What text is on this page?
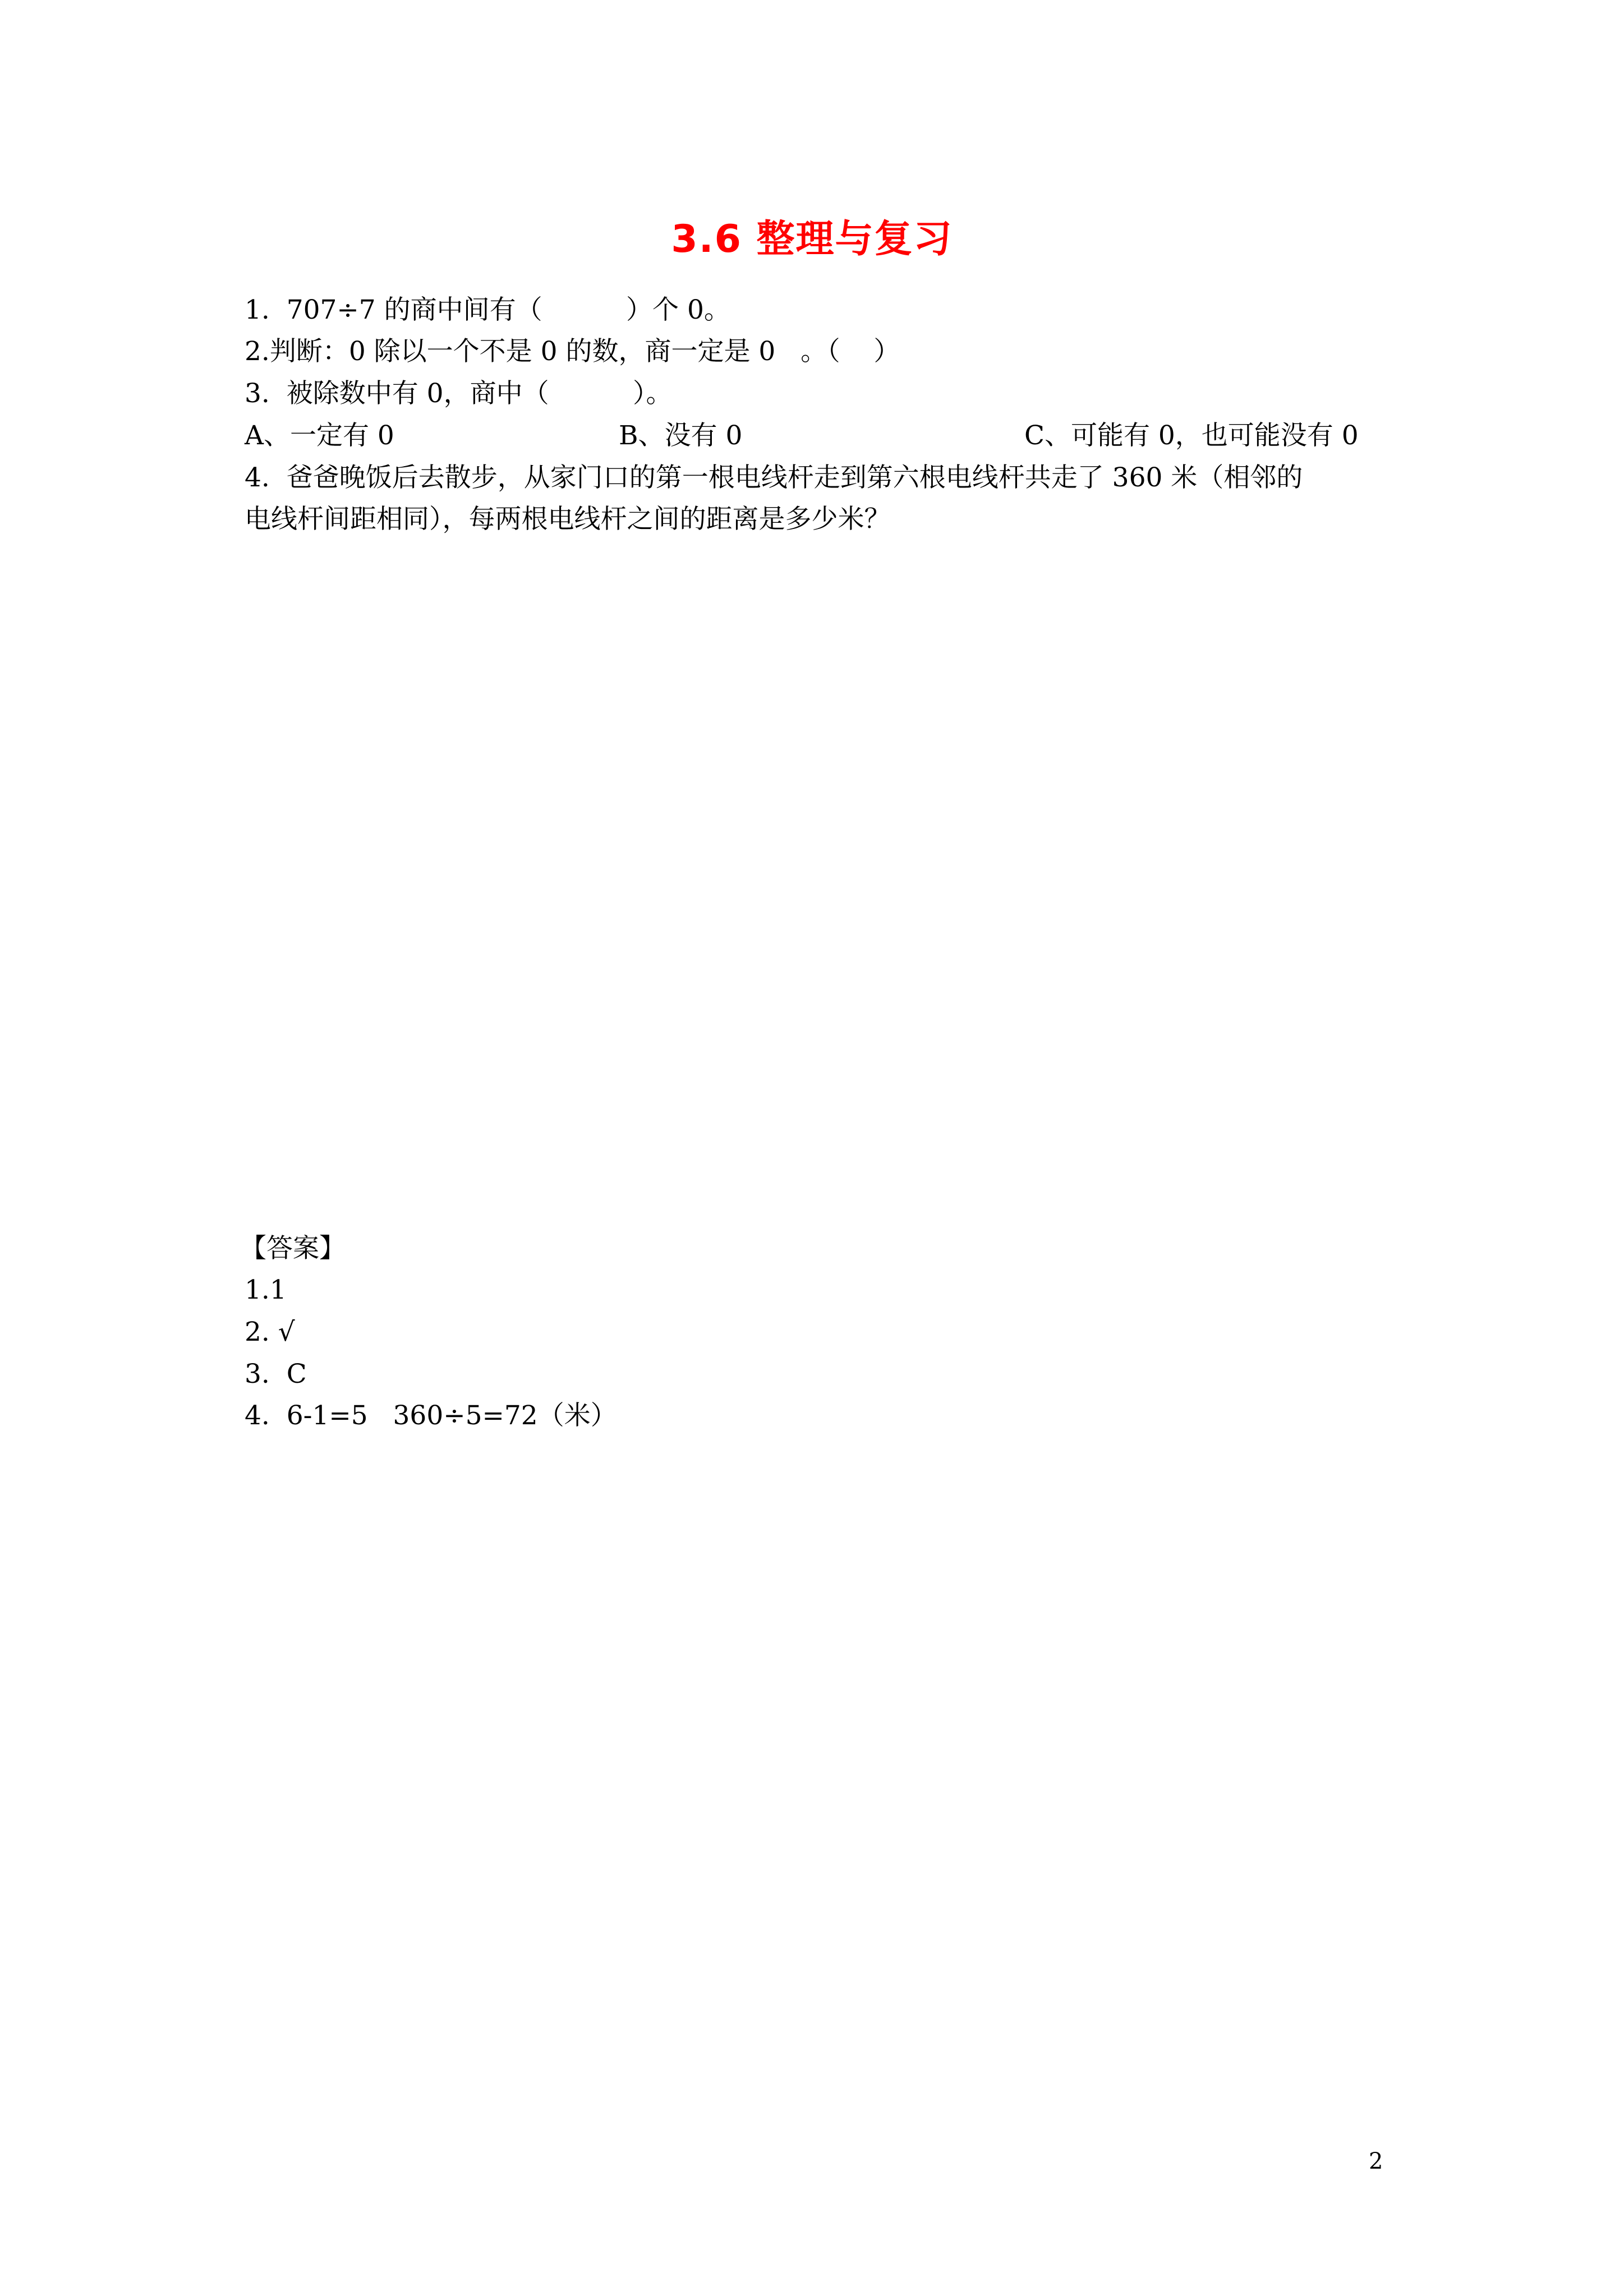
3.6 整理与复习
1.  707÷7 的商中间有（          ）个 0。
2.判断：0 除以一个不是 0 的数，商一定是 0   。（    ）
3.  被除数中有 0，商中（          ）。
A、一定有 0	B、没有 0	C、可能有 0，也可能没有 0
4.  爸爸晚饭后去散步，从家门口的第一根电线杆走到第六根电线杆共走了 360 米（相邻的
电线杆间距相同），每两根电线杆之间的距离是多少米？
【答案】
1.1
2. √
3.  C
4.  6-1=5   360÷5=72（米）
2
